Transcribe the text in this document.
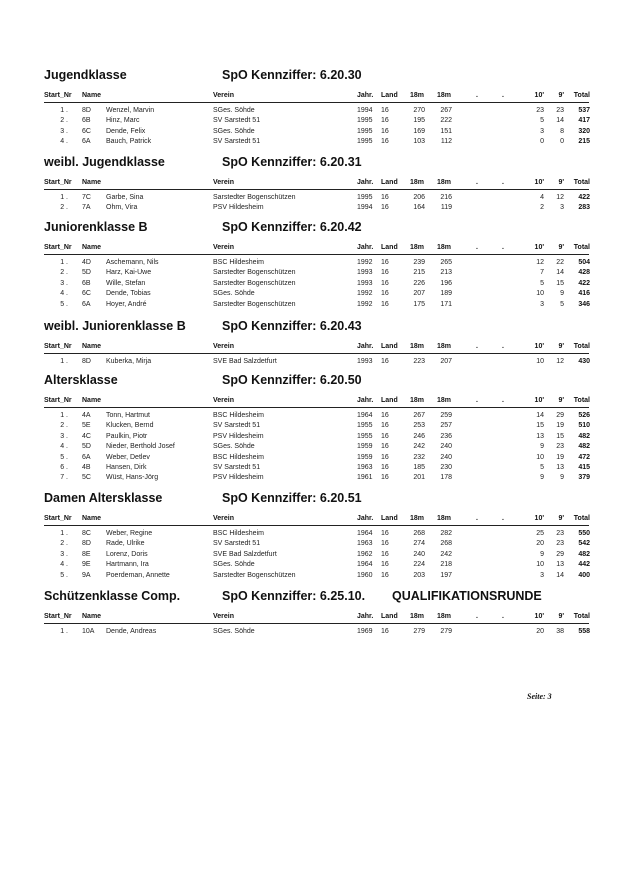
Jugendklasse	SpO Kennziffer: 6.20.30
Start_Nr Name	Verein	Jahr. Land 18m 18m	.	.	10'	9'	Total
1 . 8D Wenzel, Marvin	SGes. Söhde	1994 16	270	267	23	23	537
2 . 6B Hinz, Marc	SV Sarstedt 51	1995 16	195	222	5	14	417
3 . 6C Dende, Felix	SGes. Söhde	1995 16	169	151	3	8	320
4 . 6A Bauch, Patrick	SV Sarstedt 51	1995 16	103	112	0	0	215
weibl. Jugendklasse	SpO Kennziffer: 6.20.31
Start_Nr Name	Verein	Jahr. Land 18m 18m	.	.	10'	9'	Total
1 . 7C Garbe, Sina	Sarstedter Bogenschützen	1995 16	206	216	4	12	422
2 . 7A Ohm, Vira	PSV Hildesheim	1994 16	164	119	2	3	283
Juniorenklasse B	SpO Kennziffer: 6.20.42
Start_Nr Name	Verein	Jahr. Land 18m 18m	.	.	10'	9'	Total
1 . 4D Aschemann, Nils	BSC Hildesheim	1992 16	239	265	12	22	504
2 . 5D Harz, Kai-Uwe	Sarstedter Bogenschützen	1993 16	215	213	7	14	428
3 . 6B Wille, Stefan	Sarstedter Bogenschützen	1993 16	226	196	5	15	422
4 . 6C Dende, Tobias	SGes. Söhde	1992 16	207	189	10	9	416
5 . 6A Hoyer, André	Sarstedter Bogenschützen	1992 16	175	171	3	5	346
weibl. Juniorenklasse B	SpO Kennziffer: 6.20.43
Start_Nr Name	Verein	Jahr. Land 18m 18m	.	.	10'	9'	Total
1 . 8D Kuberka, Mirja	SVE Bad Salzdetfurt	1993 16	223	207	10	12	430
Altersklasse	SpO Kennziffer: 6.20.50
Start_Nr Name	Verein	Jahr. Land 18m 18m	.	.	10'	9'	Total
1 . 4A Tonn, Hartmut	BSC Hildesheim	1964 16	267	259	14	29	526
2 . 5E Klucken, Bernd	SV Sarstedt 51	1955 16	253	257	15	19	510
3 . 4C Paulkin, Piotr	PSV Hildesheim	1955 16	246	236	13	15	482
4 . 5D Nieder, Berthold Josef	SGes. Söhde	1959 16	242	240	9	23	482
5 . 6A Weber, Detlev	BSC Hildesheim	1959 16	232	240	10	19	472
6 . 4B Hansen, Dirk	SV Sarstedt 51	1963 16	185	230	5	13	415
7 . 5C Wüst, Hans-Jörg	PSV Hildesheim	1961 16	201	178	9	9	379
Damen Altersklasse	SpO Kennziffer: 6.20.51
Start_Nr Name	Verein	Jahr. Land 18m 18m	.	.	10'	9'	Total
1 . 8C Weber, Regine	BSC Hildesheim	1964 16	268	282	25	23	550
2 . 8D Rade, Ulrike	SV Sarstedt 51	1963 16	274	268	20	23	542
3 . 8E Lorenz, Doris	SVE Bad Salzdetfurt	1962 16	240	242	9	29	482
4 . 9E Hartmann, Ira	SGes. Söhde	1964 16	224	218	10	13	442
5 . 9A Poerdeman, Annette	Sarstedter Bogenschützen	1960 16	203	197	3	14	400
Schützenklasse Comp.	SpO Kennziffer: 6.25.10. QUALIFIKATIONSRUNDE
Start_Nr Name	Verein	Jahr. Land 18m 18m	.	.	10'	9'	Total
1 . 10A Dende, Andreas	SGes. Söhde	1969 16	279	279	20	38	558
Seite: 3
